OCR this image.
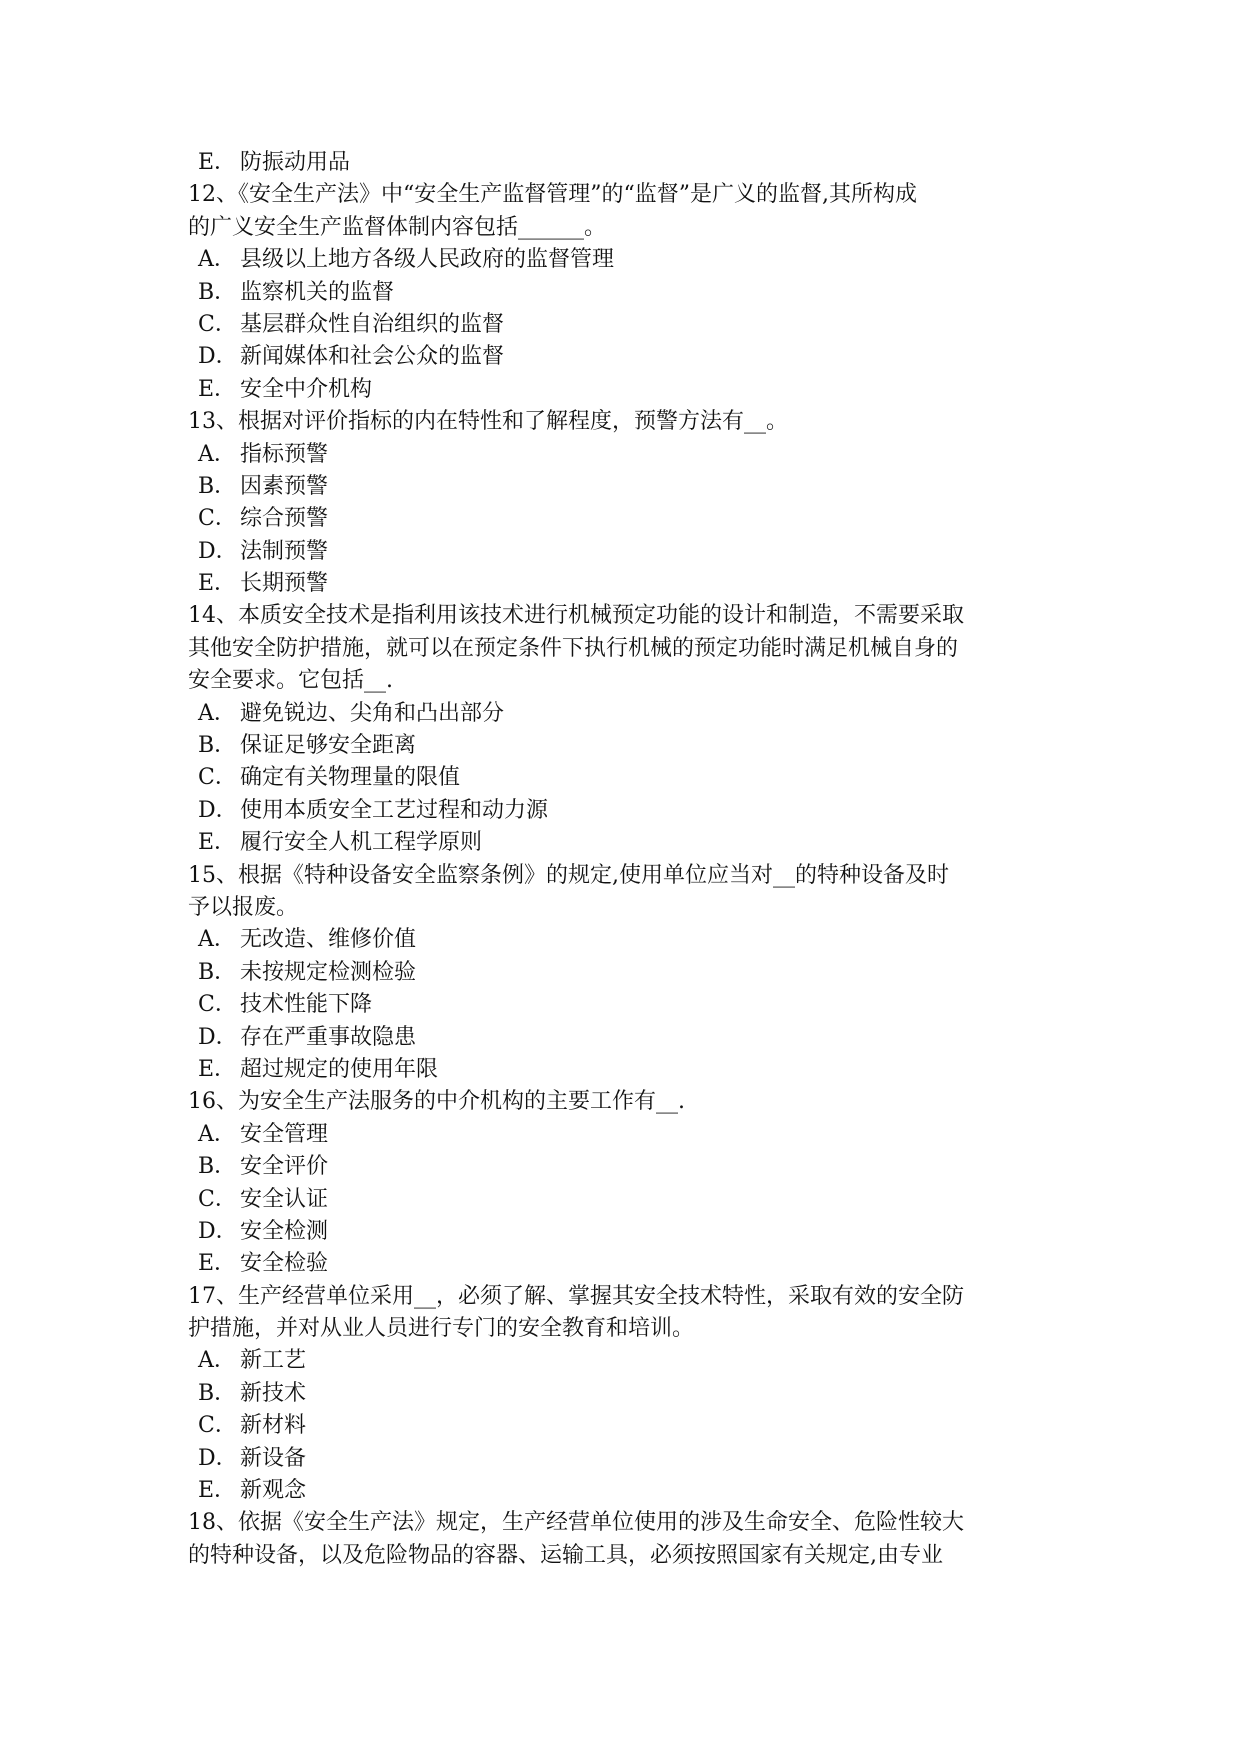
E． 防振动用品
12、《安全生产法》中“安全生产监督管理”的“监督”是广义的监督,其所构成
的广义安全生产监督体制内容包括______。
A． 县级以上地方各级人民政府的监督管理
B． 监察机关的监督
C． 基层群众性自治组织的监督
D． 新闻媒体和社会公众的监督
E． 安全中介机构
13、根据对评价指标的内在特性和了解程度，预警方法有__。
A． 指标预警
B． 因素预警
C． 综合预警
D． 法制预警
E． 长期预警
14、本质安全技术是指利用该技术进行机械预定功能的设计和制造，不需要采取
其他安全防护措施，就可以在预定条件下执行机械的预定功能时满足机械自身的
安全要求。它包括__.
A． 避免锐边、尖角和凸出部分
B． 保证足够安全距离
C． 确定有关物理量的限值
D． 使用本质安全工艺过程和动力源
E． 履行安全人机工程学原则
15、根据《特种设备安全监察条例》的规定,使用单位应当对__的特种设备及时
予以报废。
A． 无改造、维修价值
B． 未按规定检测检验
C． 技术性能下降
D． 存在严重事故隐患
E． 超过规定的使用年限
16、为安全生产法服务的中介机构的主要工作有__.
A． 安全管理
B． 安全评价
C． 安全认证
D． 安全检测
E． 安全检验
17、生产经营单位采用__，必须了解、掌握其安全技术特性，采取有效的安全防
护措施，并对从业人员进行专门的安全教育和培训。
A． 新工艺
B． 新技术
C． 新材料
D． 新设备
E． 新观念
18、依据《安全生产法》规定，生产经营单位使用的涉及生命安全、危险性较大
的特种设备，以及危险物品的容器、运输工具，必须按照国家有关规定,由专业
